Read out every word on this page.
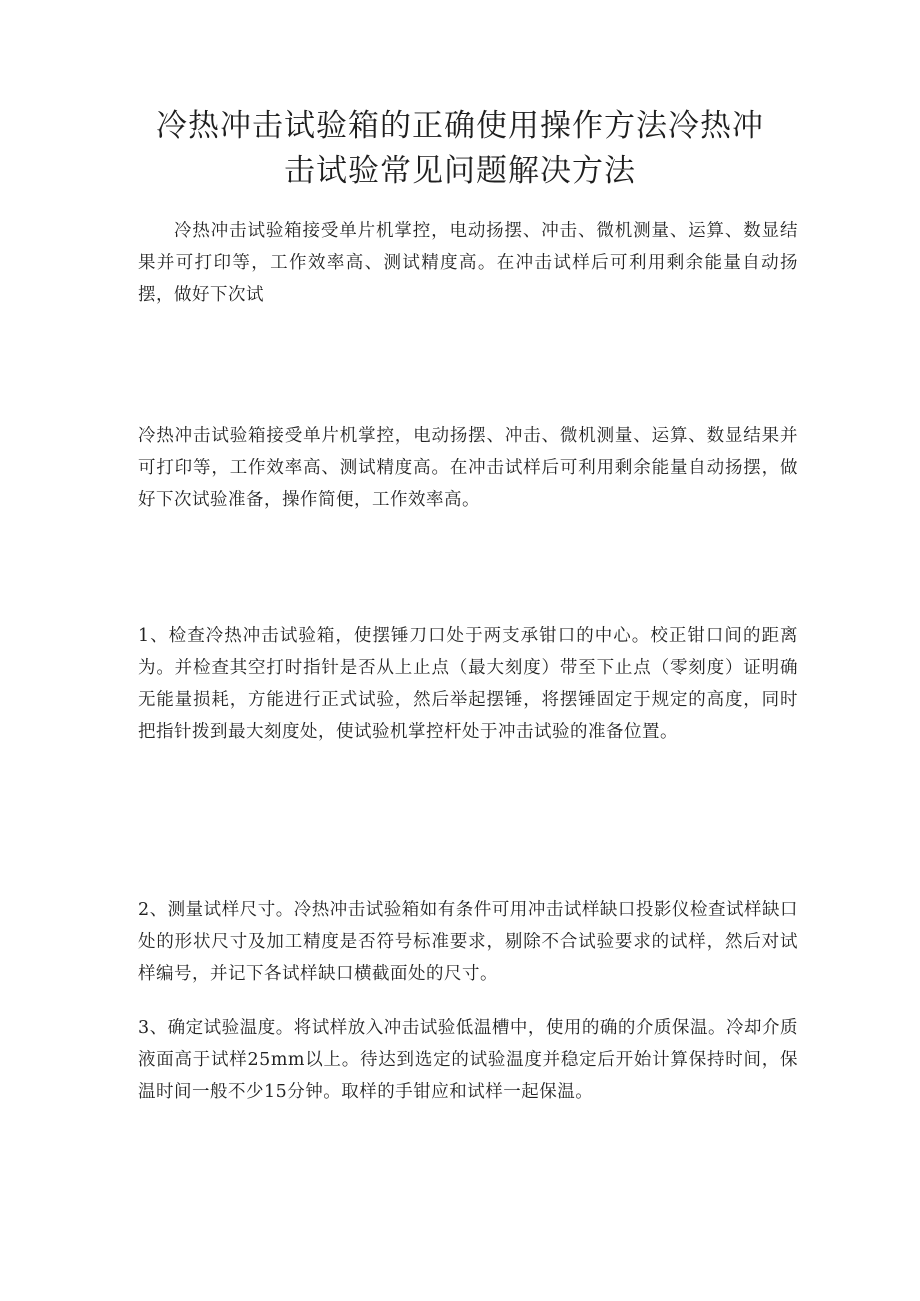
冷热冲击试验箱的正确使用操作方法冷热冲
击试验常见问题解决方法

冷热冲击试验箱接受单片机掌控，电动扬摆、冲击、微机测量、运算、数显结果并可打印等，工作效率高、测试精度高。在冲击试样后可利用剩余能量自动扬摆，做好下次试

冷热冲击试验箱接受单片机掌控，电动扬摆、冲击、微机测量、运算、数显结果并可打印等，工作效率高、测试精度高。在冲击试样后可利用剩余能量自动扬摆，做好下次试验准备，操作简便，工作效率高。

1、检查冷热冲击试验箱，使摆锤刀口处于两支承钳口的中心。校正钳口间的距离为。并检查其空打时指针是否从上止点（最大刻度）带至下止点（零刻度）证明确无能量损耗，方能进行正式试验，然后举起摆锤，将摆锤固定于规定的高度，同时把指针拨到最大刻度处，使试验机掌控杆处于冲击试验的准备位置。

2、测量试样尺寸。冷热冲击试验箱如有条件可用冲击试样缺口投影仪检查试样缺口处的形状尺寸及加工精度是否符号标准要求，剔除不合试验要求的试样，然后对试样编号，并记下各试样缺口横截面处的尺寸。

3、确定试验温度。将试样放入冲击试验低温槽中，使用的确的介质保温。冷却介质液面高于试样25mm以上。待达到选定的试验温度并稳定后开始计算保持时间，保温时间一般不少15分钟。取样的手钳应和试样一起保温。
